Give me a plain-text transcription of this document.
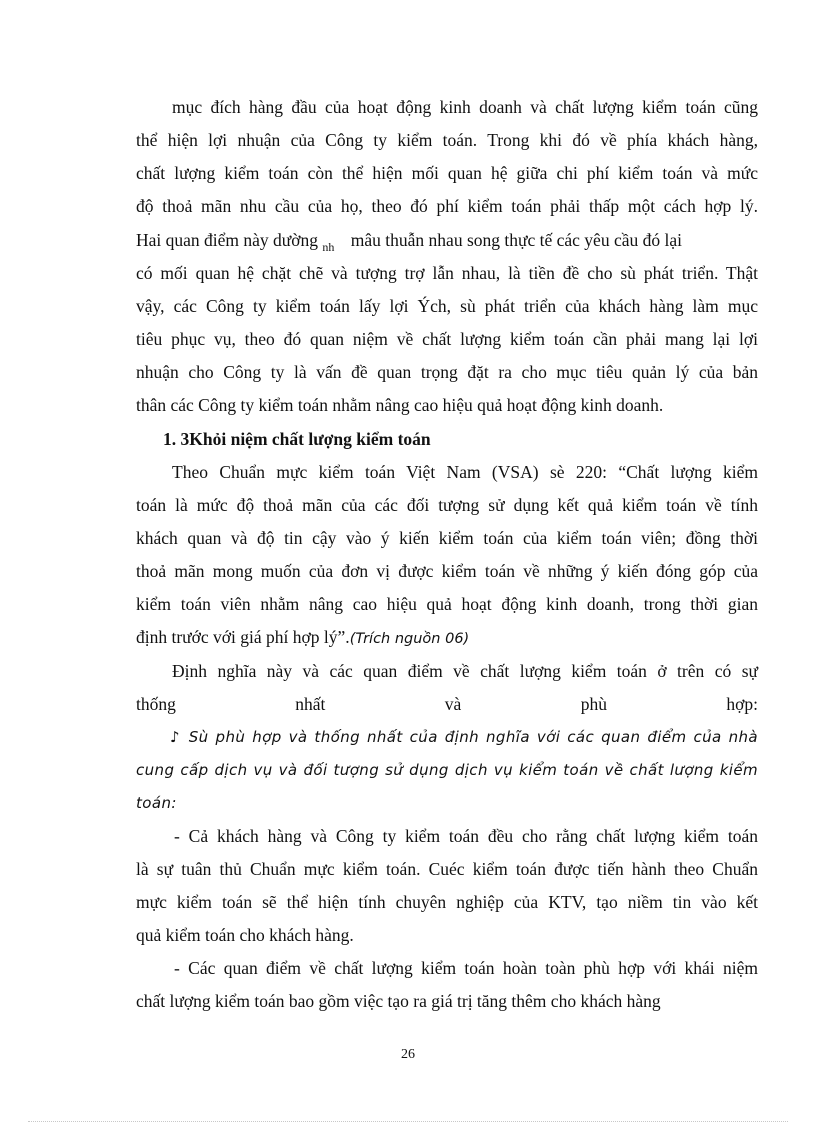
mục đích hàng đầu của hoạt động kinh doanh và chất lượng kiểm toán cũng
thể hiện lợi nhuận của Công ty kiểm toán. Trong khi đó về phía khách hàng,
chất lượng kiểm toán còn thể hiện mối quan hệ giữa chi phí kiểm toán và mức
độ thoả mãn nhu cầu của họ, theo đó phí kiểm toán phải thấp một cách hợp lý.
Hai quan điểm này dường $_{nh}$ mâu thuẫn nhau song thực tế các yêu cầu đó lại
có mối quan hệ chặt chẽ và tượng trợ lẫn nhau, là tiền đề cho sù phát triển. Thật
vậy, các Công ty kiểm toán lấy lợi Ých, sù phát triển của khách hàng làm mục
tiêu phục vụ, theo đó quan niệm về chất lượng kiểm toán cần phải mang lại lợi
nhuận cho Công ty là vấn đề quan trọng đặt ra cho mục tiêu quản lý của bản
thân các Công ty kiểm toán nhằm nâng cao hiệu quả hoạt động kinh doanh.
1. 3Khỏi niệm chất lượng kiểm toán
Theo Chuẩn mực kiểm toán Việt Nam (VSA) sè 220: “Chất lượng kiểm
toán là mức độ thoả mãn của các đối tượng sử dụng kết quả kiểm toán về tính
khách quan và độ tin cậy vào ý kiến kiểm toán của kiểm toán viên; đồng thời
thoả mãn mong muốn của đơn vị được kiểm toán về những ý kiến đóng góp của
kiểm toán viên nhằm nâng cao hiệu quả hoạt động kinh doanh, trong thời gian
định trước với giá phí hợp lý”.(Trích nguồn 06)
Định nghĩa này và các quan điểm về chất lượng kiểm toán ở trên có sự
thống nhất và phù hợp:
♪ Sù phù hợp và thống nhất của định nghĩa với các quan điểm của nhà
cung cấp dịch vụ và đối tượng sử dụng dịch vụ kiểm toán về chất lượng kiểm
toán:
- Cả khách hàng và Công ty kiểm toán đều cho rằng chất lượng kiểm toán
là sự tuân thủ Chuẩn mực kiểm toán. Cuéc kiểm toán được tiến hành theo Chuẩn
mực kiểm toán sẽ thể hiện tính chuyên nghiệp của KTV, tạo niềm tin vào kết
quả kiểm toán cho khách hàng.
- Các quan điểm về chất lượng kiểm toán hoàn toàn phù hợp với khái niệm
chất lượng kiểm toán bao gồm việc tạo ra giá trị tăng thêm cho khách hàng
26
